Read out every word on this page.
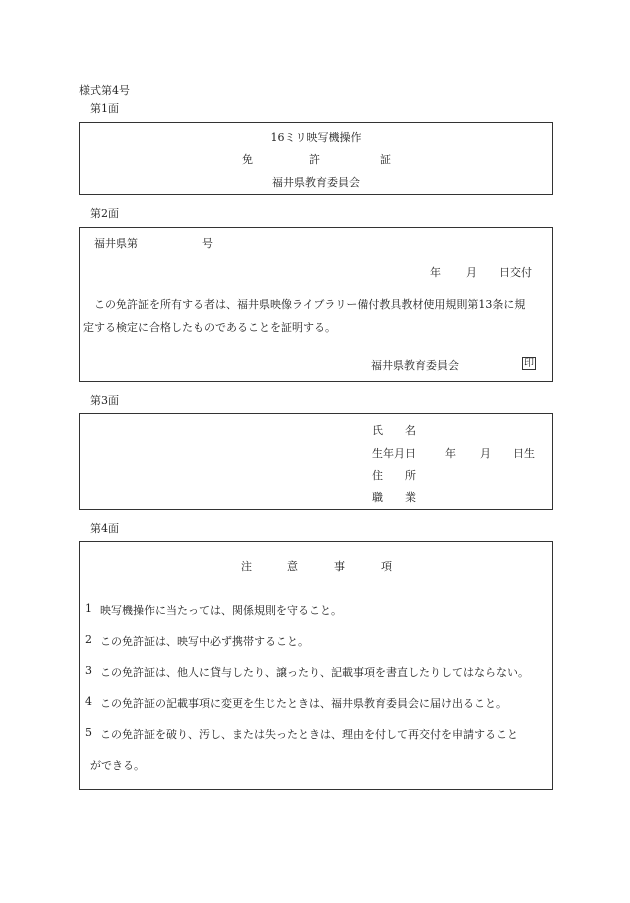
様式第4号
第1面
16ミリ映写機操作
免	許	証
福井県教育委員会
第2面
福井県第	号
年 月 日交付
この免許証を所有する者は、福井県映像ライブラリー備付教具教材使用規則第13条に規
定する検定に合格したものであることを証明する。
福井県教育委員会	印
第3面
氏 名
生年月日	年 月 日生
住 所
職 業
第4面
注	意	事	項
1 映写機操作に当たっては、関係規則を守ること。
2 この免許証は、映写中必ず携帯すること。
3 この免許証は、他人に貸与したり、譲ったり、記載事項を書直したりしてはならない。
4 この免許証の記載事項に変更を生じたときは、福井県教育委員会に届け出ること。
5 この免許証を破り、汚し、または失ったときは、理由を付して再交付を申請すること
ができる。
